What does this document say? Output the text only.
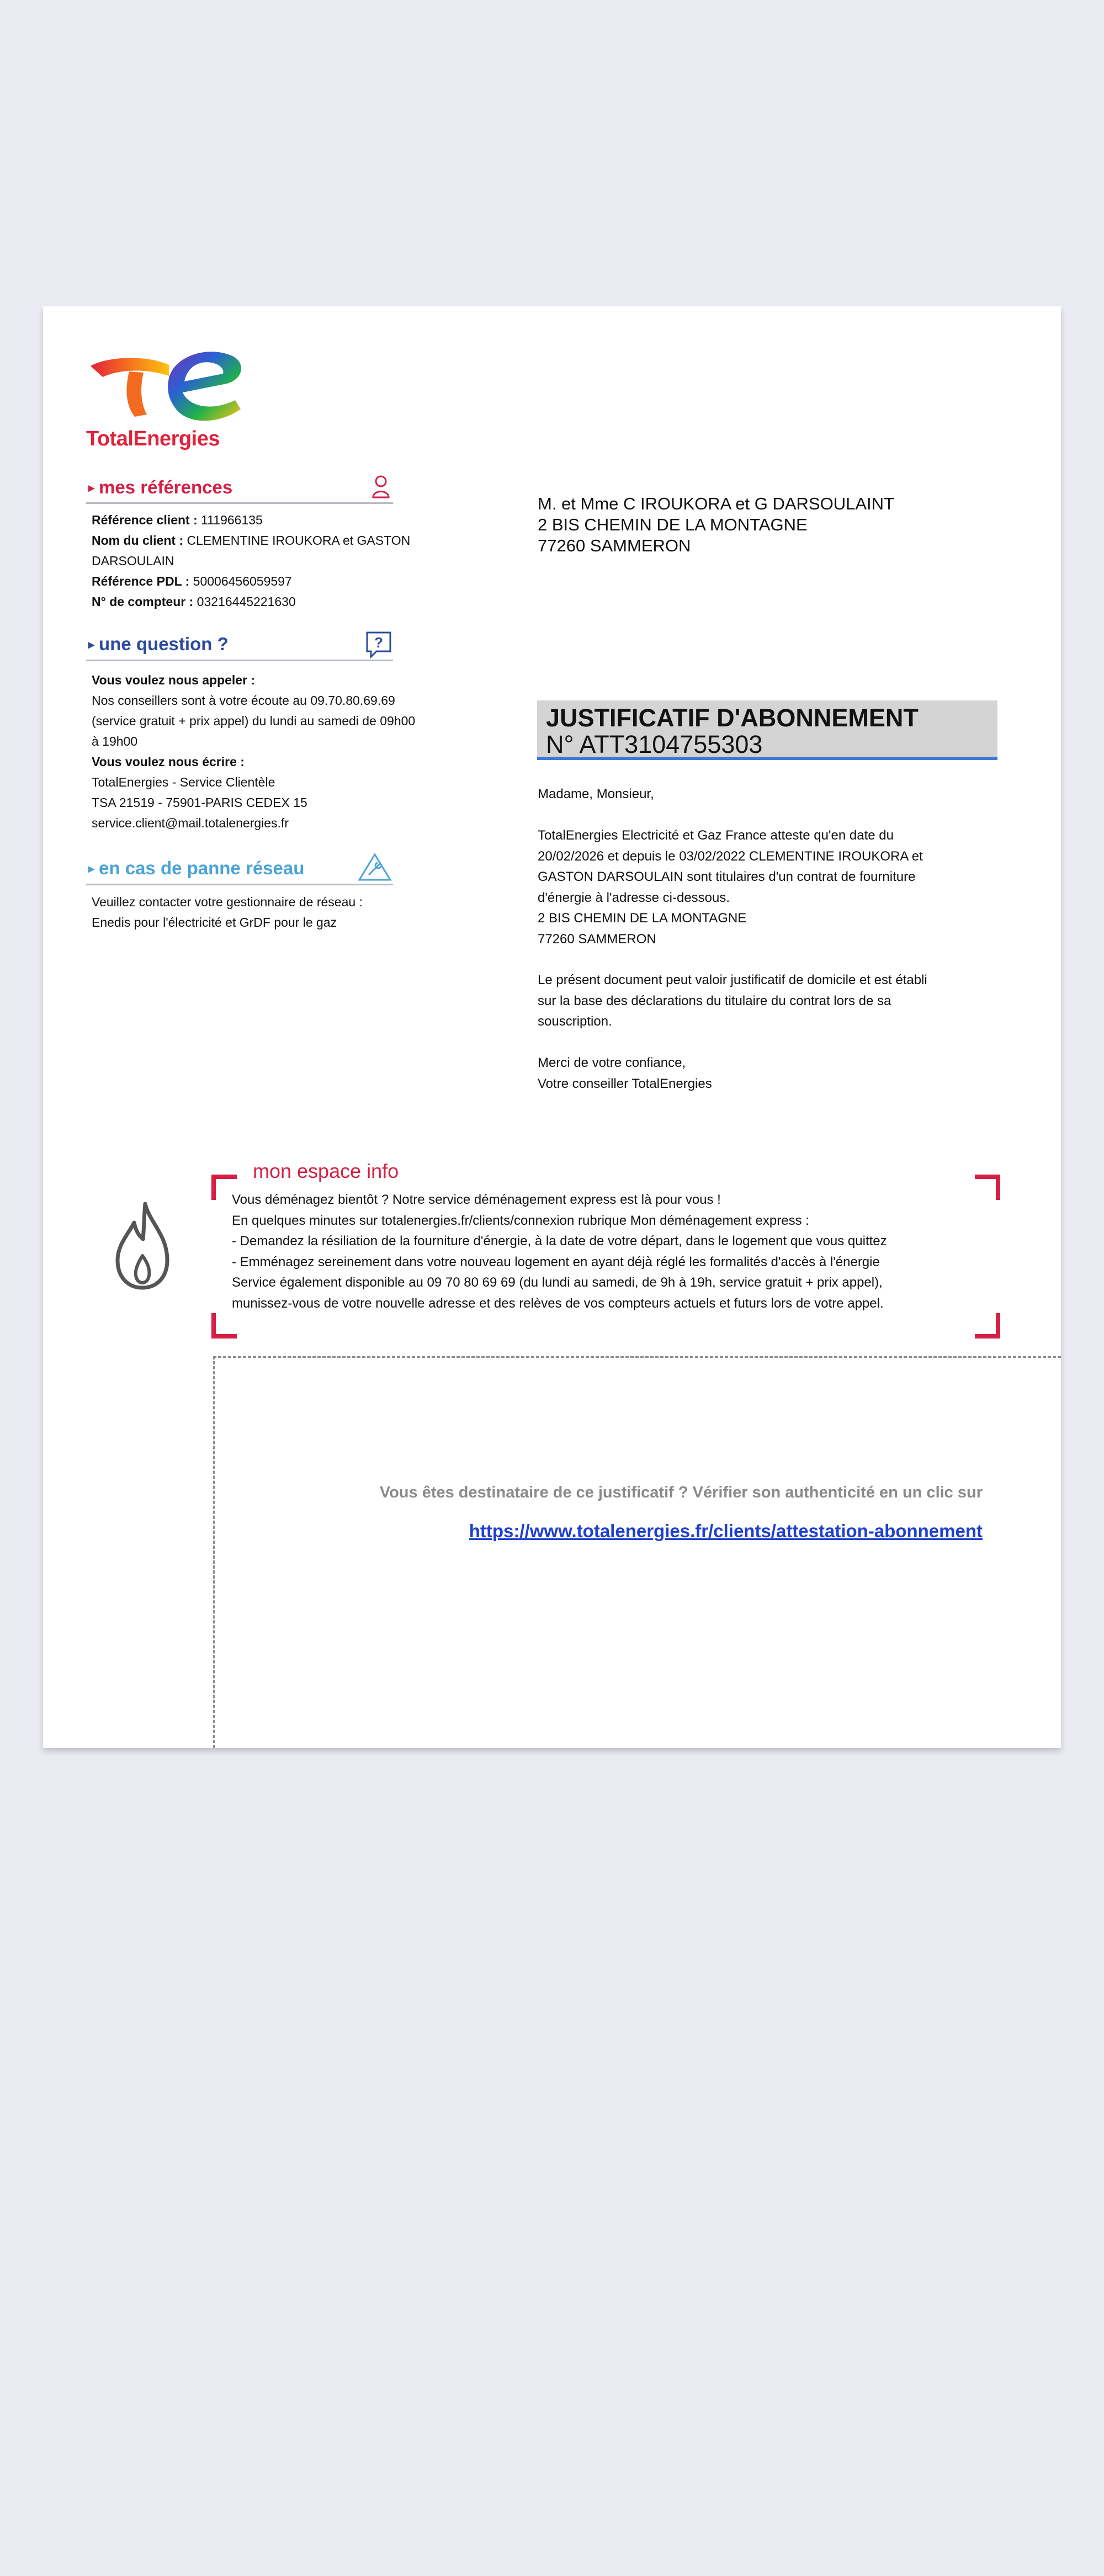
TotalEnergies
▸ mes références
Référence client : 111966135
Nom du client : CLEMENTINE IROUKORA et GASTON
DARSOULAIN
Référence PDL : 50006456059597
N° de compteur : 03216445221630
▸ une question ?	?
Vous voulez nous appeler :
Nos conseillers sont à votre écoute au 09.70.80.69.69
(service gratuit + prix appel) du lundi au samedi de 09h00
à 19h00
Vous voulez nous écrire :
TotalEnergies - Service Clientèle
TSA 21519 - 75901-PARIS CEDEX 15
service.client@mail.totalenergies.fr
▸ en cas de panne réseau
Veuillez contacter votre gestionnaire de réseau :
Enedis pour l'électricité et GrDF pour le gaz
M. et Mme C IROUKORA et G DARSOULAINT
2 BIS CHEMIN DE LA MONTAGNE
77260 SAMMERON
JUSTIFICATIF D'ABONNEMENT
N° ATT3104755303
Madame, Monsieur,
TotalEnergies Electricité et Gaz France atteste qu'en date du
20/02/2026 et depuis le 03/02/2022 CLEMENTINE IROUKORA et
GASTON DARSOULAIN sont titulaires d'un contrat de fourniture
d'énergie à l'adresse ci-dessous.
2 BIS CHEMIN DE LA MONTAGNE
77260 SAMMERON
Le présent document peut valoir justificatif de domicile et est établi
sur la base des déclarations du titulaire du contrat lors de sa
souscription.
Merci de votre confiance,
Votre conseiller TotalEnergies
mon espace info
Vous déménagez bientôt ? Notre service déménagement express est là pour vous !
En quelques minutes sur totalenergies.fr/clients/connexion rubrique Mon déménagement express :
- Demandez la résiliation de la fourniture d'énergie, à la date de votre départ, dans le logement que vous quittez
- Emménagez sereinement dans votre nouveau logement en ayant déjà réglé les formalités d'accès à l'énergie
Service également disponible au 09 70 80 69 69 (du lundi au samedi, de 9h à 19h, service gratuit + prix appel),
munissez-vous de votre nouvelle adresse et des relèves de vos compteurs actuels et futurs lors de votre appel.
Vous êtes destinataire de ce justificatif ? Vérifier son authenticité en un clic sur
https://www.totalenergies.fr/clients/attestation-abonnement
